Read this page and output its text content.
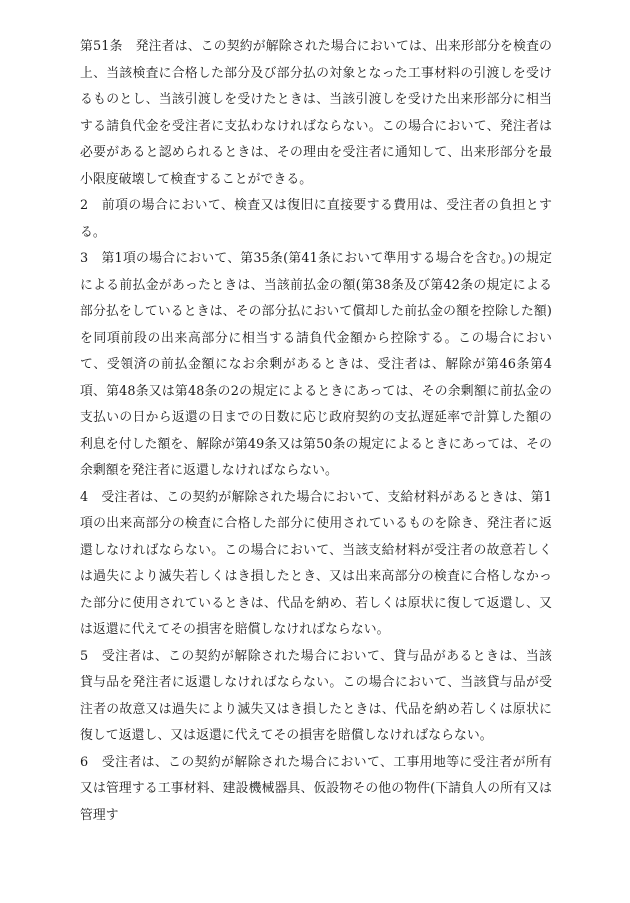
第51条　発注者は、この契約が解除された場合においては、出来形部分を検査の上、当該検査に合格した部分及び部分払の対象となった工事材料の引渡しを受けるものとし、当該引渡しを受けたときは、当該引渡しを受けた出来形部分に相当する請負代金を受注者に支払わなければならない。この場合において、発注者は必要があると認められるときは、その理由を受注者に通知して、出来形部分を最小限度破壊して検査することができる。

2　前項の場合において、検査又は復旧に直接要する費用は、受注者の負担とする。

3　第1項の場合において、第35条(第41条において準用する場合を含む。)の規定による前払金があったときは、当該前払金の額(第38条及び第42条の規定による部分払をしているときは、その部分払において償却した前払金の額を控除した額)を同項前段の出来高部分に相当する請負代金額から控除する。この場合において、受領済の前払金額になお余剰があるときは、受注者は、解除が第46条第4項、第48条又は第48条の2の規定によるときにあっては、その余剰額に前払金の支払いの日から返還の日までの日数に応じ政府契約の支払遅延率で計算した額の利息を付した額を、解除が第49条又は第50条の規定によるときにあっては、その余剰額を発注者に返還しなければならない。

4　受注者は、この契約が解除された場合において、支給材料があるときは、第1項の出来高部分の検査に合格した部分に使用されているものを除き、発注者に返還しなければならない。この場合において、当該支給材料が受注者の故意若しくは過失により滅失若しくはき損したとき、又は出来高部分の検査に合格しなかった部分に使用されているときは、代品を納め、若しくは原状に復して返還し、又は返還に代えてその損害を賠償しなければならない。

5　受注者は、この契約が解除された場合において、貸与品があるときは、当該貸与品を発注者に返還しなければならない。この場合において、当該貸与品が受注者の故意又は過失により滅失又はき損したときは、代品を納め若しくは原状に復して返還し、又は返還に代えてその損害を賠償しなければならない。

6　受注者は、この契約が解除された場合において、工事用地等に受注者が所有又は管理する工事材料、建設機械器具、仮設物その他の物件(下請負人の所有又は管理す
